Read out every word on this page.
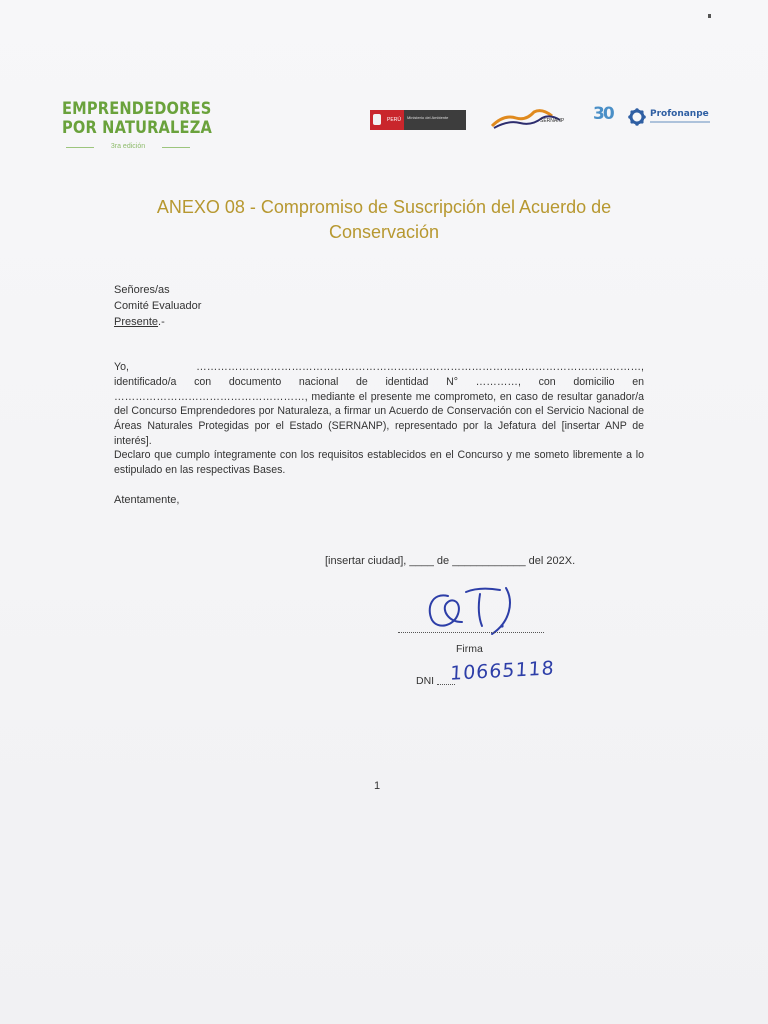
EMPRENDEDORES
POR NATURALEZA
3ra edición
PERÚ	Ministerio del Ambiente
SERNANP 30	Profonanpe
ANEXO 08 - Compromiso de Suscripción del Acuerdo de
Conservación
Señores/as
Comité Evaluador
Presente.-
Yo, ………………………………………………………………………………………………………………, identificado/a con documento nacional de identidad N° …………, con domicilio en ………………………………………………, mediante el presente me comprometo, en caso de resultar ganador/a del Concurso Emprendedores por Naturaleza, a firmar un Acuerdo de Conservación con el Servicio Nacional de Áreas Naturales Protegidas por el Estado (SERNANP), representado por la Jefatura del [insertar ANP de interés].
Declaro que cumplo íntegramente con los requisitos establecidos en el Concurso y me someto libremente a lo estipulado en las respectivas Bases.
Atentamente,
[insertar ciudad], ____ de ____________ del 202X.
Firma
DNI 10665118
1
